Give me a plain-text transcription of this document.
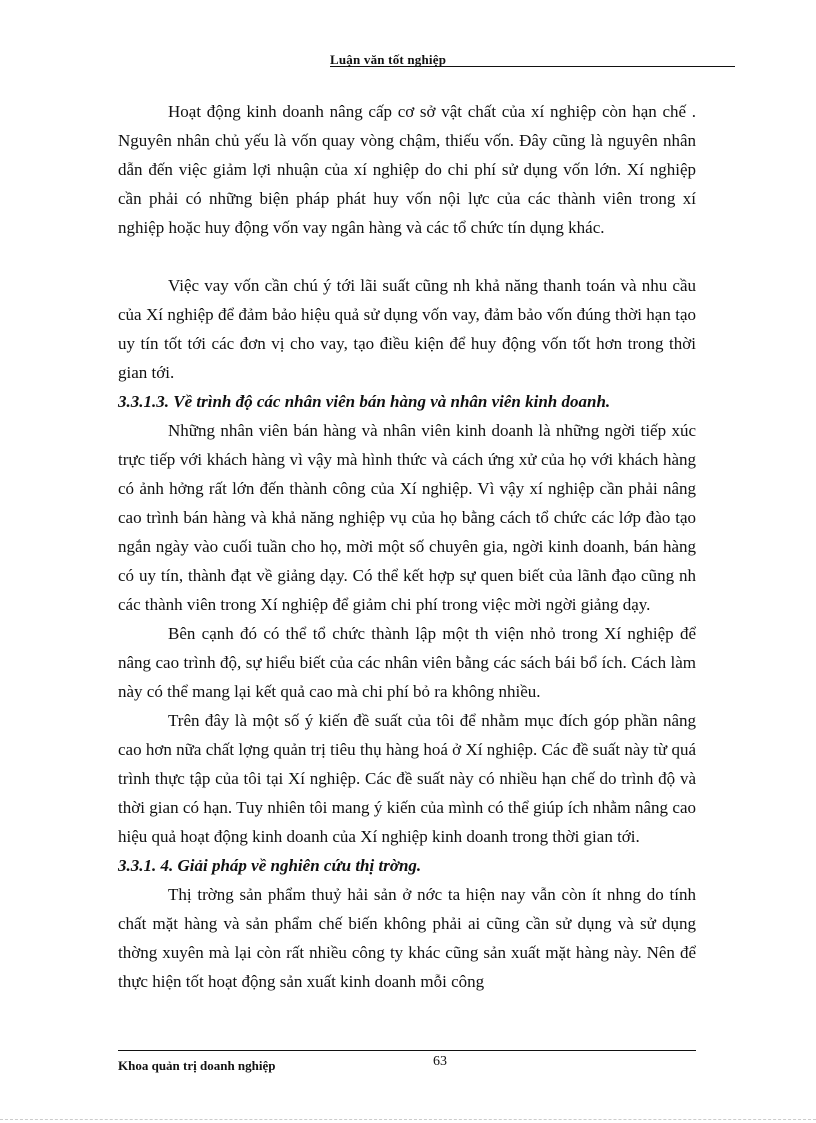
Luận văn tốt nghiệp

Hoạt động kinh doanh nâng cấp cơ sở vật chất của xí nghiệp còn hạn chế . Nguyên nhân chủ yếu là vốn quay vòng chậm, thiếu vốn. Đây cũng là nguyên nhân dẫn đến việc giảm lợi nhuận của xí nghiệp do chi phí sử dụng vốn lớn. Xí nghiệp cần phải có những biện pháp phát huy vốn nội lực của các thành viên trong xí nghiệp hoặc huy động vốn vay ngân hàng và các tổ chức tín dụng khác.

Việc vay vốn cần chú ý tới lãi suất cũng nh khả năng thanh toán và nhu cầu của Xí nghiệp để đảm bảo hiệu quả sử dụng vốn vay, đảm bảo vốn đúng thời hạn tạo uy tín tốt tới các đơn vị cho vay, tạo điều kiện để huy động vốn tốt hơn trong thời gian tới.

3.3.1.3. Về trình độ các nhân viên bán hàng và nhân viên kinh doanh.

Những nhân viên bán hàng và nhân viên kinh doanh là những ngời tiếp xúc trực tiếp với khách hàng vì vậy mà hình thức và cách ứng xử của họ với khách hàng có ảnh hởng rất lớn đến thành công của Xí nghiệp. Vì vậy xí nghiệp cần phải nâng cao trình bán hàng và khả năng nghiệp vụ của họ bằng cách tổ chức các lớp đào tạo ngắn ngày vào cuối tuần cho họ, mời một số chuyên gia, ngời kinh doanh, bán hàng có uy tín, thành đạt về giảng dạy. Có thể kết hợp sự quen biết của lãnh đạo cũng nh các thành viên trong Xí nghiệp để giảm chi phí trong việc mời ngời giảng dạy.

Bên cạnh đó có thể tổ chức thành lập một th viện nhỏ trong Xí nghiệp để nâng cao trình độ, sự hiểu biết của các nhân viên bằng các sách bái bổ ích. Cách làm này có thể mang lại kết quả cao mà chi phí bỏ ra không nhiều.

Trên đây là một số ý kiến đề suất của tôi để nhằm mục đích góp phần nâng cao hơn nữa chất lợng quản trị tiêu thụ hàng hoá ở Xí nghiệp. Các đề suất này từ quá trình thực tập của tôi tại Xí nghiệp. Các đề suất này có nhiều hạn chế do trình độ và thời gian có hạn. Tuy nhiên tôi mang ý kiến của mình có thể giúp ích nhằm nâng cao hiệu quả hoạt động kinh doanh của Xí nghiệp kinh doanh trong thời gian tới.

3.3.1. 4. Giải pháp về nghiên cứu thị trờng.

Thị trờng sản phẩm thuỷ hải sản ở nớc ta hiện nay vẫn còn ít nhng do tính chất mặt hàng và sản phẩm chế biến không phải ai cũng cần sử dụng và sử dụng thờng xuyên mà lại còn rất nhiều công ty khác cũng sản xuất mặt hàng này. Nên để thực hiện tốt hoạt động sản xuất kinh doanh mỗi công

Khoa quản trị doanh nghiệp	63
